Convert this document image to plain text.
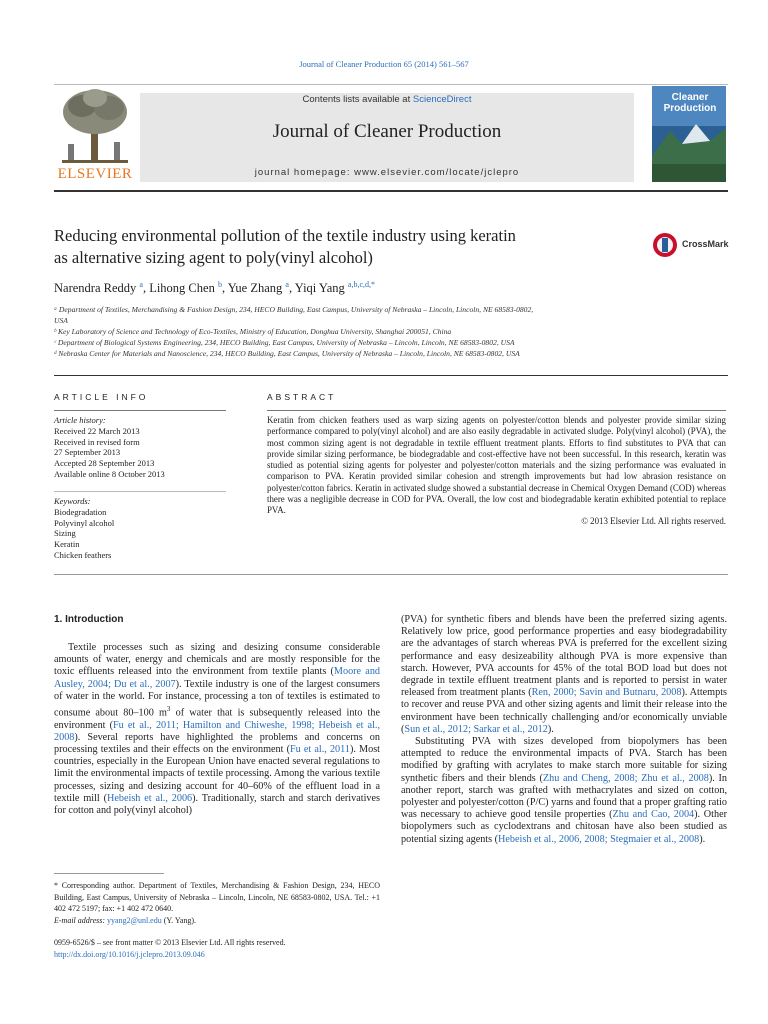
Journal of Cleaner Production 65 (2014) 561–567
ELSEVIER
Contents lists available at ScienceDirect
Journal of Cleaner Production
journal homepage: www.elsevier.com/locate/jclepro
Cleaner
Production
Reducing environmental pollution of the textile industry using keratin
as alternative sizing agent to poly(vinyl alcohol)
CrossMark
Narendra Reddy $^a$, Lihong Chen $^b$, Yue Zhang $^a$, Yiqi Yang $^{a,b,c,d,*}$
ᵃ Department of Textiles, Merchandising & Fashion Design, 234, HECO Building, East Campus, University of Nebraska – Lincoln, Lincoln, NE 68583-0802,
USA
ᵇ Key Laboratory of Science and Technology of Eco-Textiles, Ministry of Education, Donghua University, Shanghai 200051, China
ᶜ Department of Biological Systems Engineering, 234, HECO Building, East Campus, University of Nebraska – Lincoln, Lincoln, NE 68583-0802, USA
ᵈ Nebraska Center for Materials and Nanoscience, 234, HECO Building, East Campus, University of Nebraska – Lincoln, Lincoln, NE 68583-0802, USA
ARTICLE INFO
Article history:
Received 22 March 2013
Received in revised form
27 September 2013
Accepted 28 September 2013
Available online 8 October 2013
Keywords:
Biodegradation
Polyvinyl alcohol
Sizing
Keratin
Chicken feathers
ABSTRACT
Keratin from chicken feathers used as warp sizing agents on polyester/cotton blends and polyester provide similar sizing performance compared to poly(vinyl alcohol) and are also easily degradable in activated sludge. Poly(vinyl alcohol) (PVA), the most common sizing agent is not degradable in textile effluent treatment plants. Efforts to find substitutes to PVA that can provide similar sizing performance, be biodegradable and cost-effective have not been successful. In this research, keratin was studied as potential sizing agents for polyester and polyester/cotton materials and the sizing performance was evaluated in comparison to PVA. Keratin provided similar cohesion and strength improvements but had low abrasion resistance on polyester/cotton fabrics. Keratin in activated sludge showed a substantial decrease in Chemical Oxygen Demand (COD) whereas there was a negligible decrease in COD for PVA. Overall, the low cost and biodegradable keratin exhibited potential to replace PVA.
© 2013 Elsevier Ltd. All rights reserved.
1. Introduction

Textile processes such as sizing and desizing consume considerable amounts of water, energy and chemicals and are mostly responsible for the toxic effluents released into the environment from textile plants (Moore and Ausley, 2004; Du et al., 2007). Textile industry is one of the largest consumers of water in the world. For instance, processing a ton of textiles is estimated to consume about 80–100 $m^3$ of water that is subsequently released into the environment (Fu et al., 2011; Hamilton and Chiweshe, 1998; Hebeish et al., 2008). Several reports have highlighted the problems and concerns on processing textiles and their effects on the environment (Fu et al., 2011). Most countries, especially in the European Union have enacted several regulations to limit the environmental impacts of textile processing. Among the various textile processes, sizing and desizing account for 40–60% of the effluent load in a textile mill (Hebeish et al., 2006). Traditionally, starch and starch derivatives for cotton and poly(vinyl alcohol)

(PVA) for synthetic fibers and blends have been the preferred sizing agents. Relatively low price, good performance properties and easy biodegradability are the advantages of starch whereas PVA is preferred for the excellent sizing performance and easy desizeability although PVA is more expensive than starch. However, PVA accounts for 45% of the total BOD load but does not degrade in textile effluent treatment plants and is reported to persist in water released from treatment plants (Ren, 2000; Savin and Butnaru, 2008). Attempts to recover and reuse PVA and other sizing agents and limit their release into the environment have been technically challenging and/or economically unviable (Sun et al., 2012; Sarkar et al., 2012).

Substituting PVA with sizes developed from biopolymers has been attempted to reduce the environmental impacts of PVA. Starch has been modified by grafting with acrylates to make starch more suitable for sizing synthetic fibers and their blends (Zhu and Cheng, 2008; Zhu et al., 2008). In another report, starch was grafted with methacrylates and sized on cotton, polyester and polyester/cotton (P/C) yarns and found that a proper grafting ratio was necessary to achieve good tensile properties (Zhu and Cao, 2004). Other biopolymers such as cyclodextrans and chitosan have also been studied as potential sizing agents (Hebeish et al., 2006, 2008; Stegmaier et al., 2008).

* Corresponding author. Department of Textiles, Merchandising & Fashion Design, 234, HECO Building, East Campus, University of Nebraska – Lincoln, Lincoln, NE 68583-0802, USA. Tel.: +1 402 472 5197; fax: +1 402 472 0640.
E-mail address: yyang2@unl.edu (Y. Yang).
0959-6526/$ – see front matter © 2013 Elsevier Ltd. All rights reserved.
http://dx.doi.org/10.1016/j.jclepro.2013.09.046
